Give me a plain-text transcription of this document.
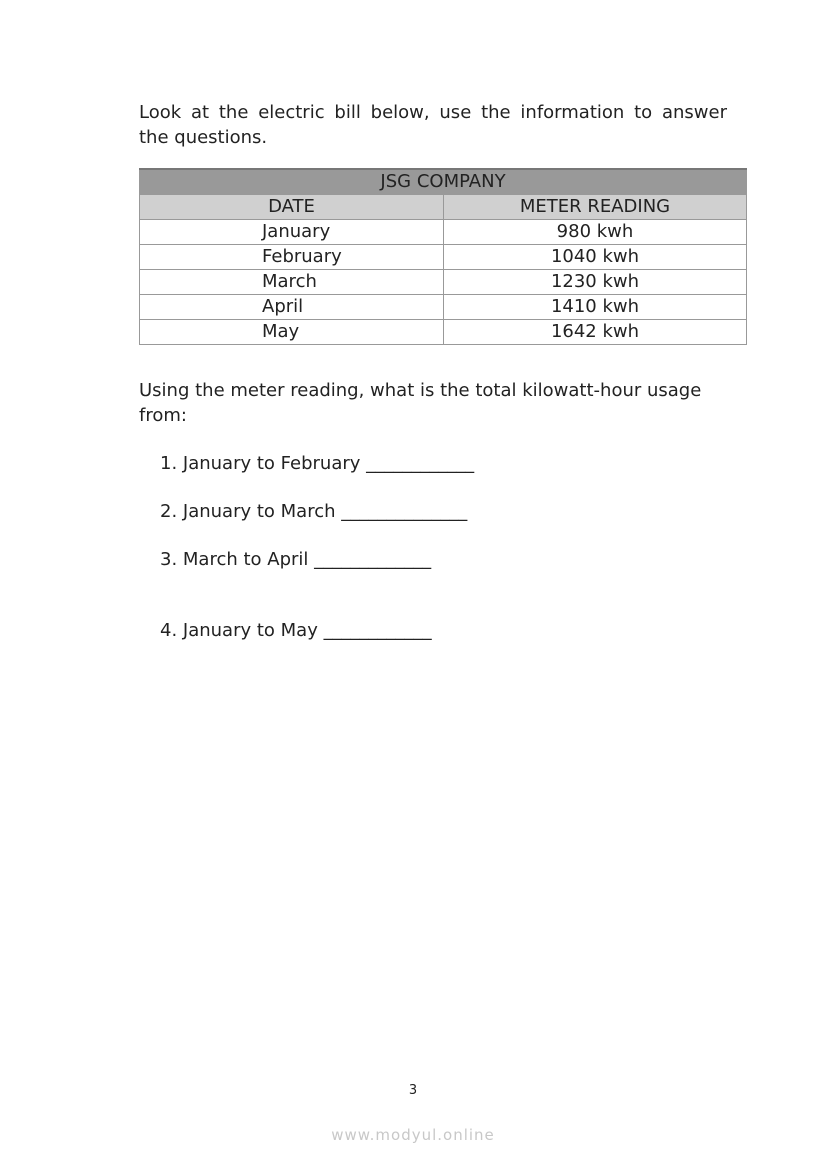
Look at the electric bill below, use the information to answer
the questions.
JSG COMPANY	
DATE	METER READING
January	980 kwh
February	1040 kwh
March	1230 kwh
April	1410 kwh
May	1642 kwh
Using the meter reading, what is the total kilowatt-hour usage from:
1. January to February ____________
2. January to March ______________
3. March to April _____________
4. January to May ____________
3
www.modyul.online
